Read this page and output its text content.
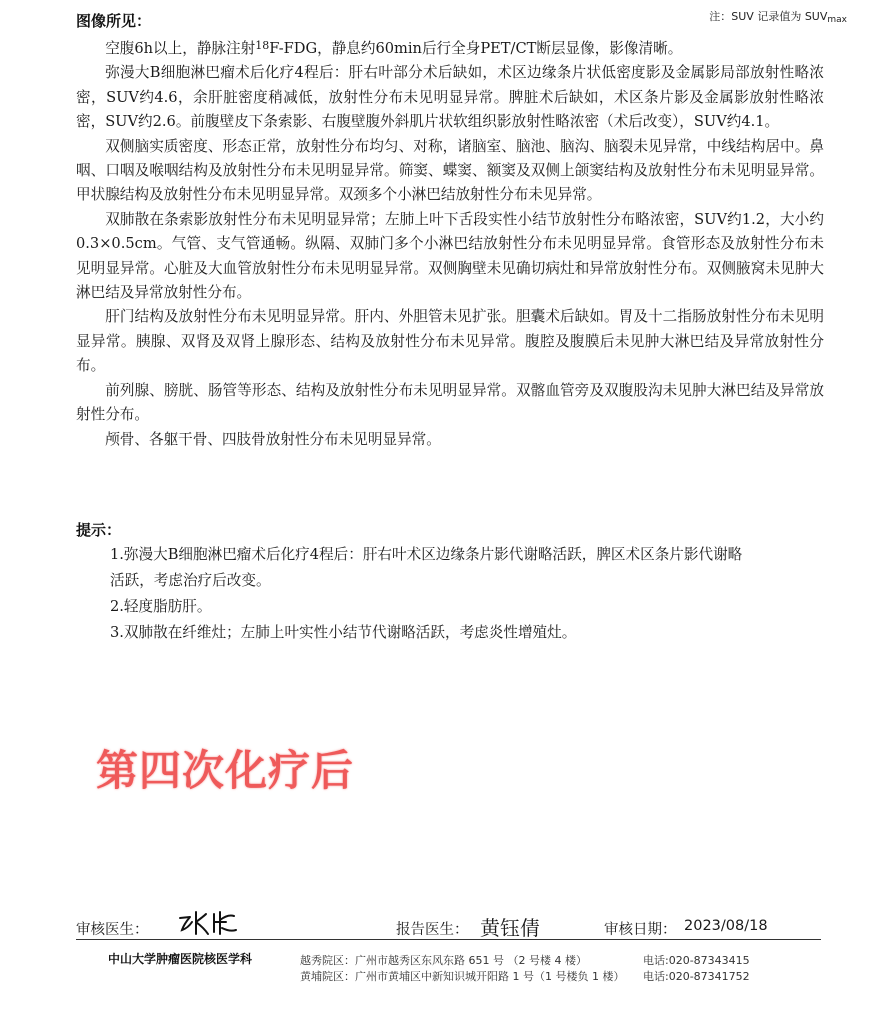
图像所见：	注：SUV 记录值为 $SUV_{max}$

空腹6h以上，静脉注射$^{18}$F-FDG，静息约60min后行全身PET/CT断层显像，影像清晰。

弥漫大B细胞淋巴瘤术后化疗4程后：肝右叶部分术后缺如，术区边缘条片状低密度影及金属影局部放射性略浓密，SUV约4.6，余肝脏密度稍减低，放射性分布未见明显异常。脾脏术后缺如，术区条片影及金属影放射性略浓密，SUV约2.6。前腹壁皮下条索影、右腹壁腹外斜肌片状软组织影放射性略浓密（术后改变），SUV约4.1。

双侧脑实质密度、形态正常，放射性分布均匀、对称，诸脑室、脑池、脑沟、脑裂未见异常，中线结构居中。鼻咽、口咽及喉咽结构及放射性分布未见明显异常。筛窦、蝶窦、额窦及双侧上颌窦结构及放射性分布未见明显异常。甲状腺结构及放射性分布未见明显异常。双颈多个小淋巴结放射性分布未见异常。

双肺散在条索影放射性分布未见明显异常；左肺上叶下舌段实性小结节放射性分布略浓密，SUV约1.2，大小约0.3×0.5cm。气管、支气管通畅。纵隔、双肺门多个小淋巴结放射性分布未见明显异常。食管形态及放射性分布未见明显异常。心脏及大血管放射性分布未见明显异常。双侧胸壁未见确切病灶和异常放射性分布。双侧腋窝未见肿大淋巴结及异常放射性分布。

肝门结构及放射性分布未见明显异常。肝内、外胆管未见扩张。胆囊术后缺如。胃及十二指肠放射性分布未见明显异常。胰腺、双肾及双肾上腺形态、结构及放射性分布未见异常。腹腔及腹膜后未见肿大淋巴结及异常放射性分布。

前列腺、膀胱、肠管等形态、结构及放射性分布未见明显异常。双髂血管旁及双腹股沟未见肿大淋巴结及异常放射性分布。

颅骨、各躯干骨、四肢骨放射性分布未见明显异常。

提示：
1.弥漫大B细胞淋巴瘤术后化疗4程后：肝右叶术区边缘条片影代谢略活跃，脾区术区条片影代谢略
活跃，考虑治疗后改变。
2.轻度脂肪肝。
3.双肺散在纤维灶；左肺上叶实性小结节代谢略活跃，考虑炎性增殖灶。
第四次化疗后
审核医生：	报告医生： 黄钰倩	审核日期： 2023/08/18
中山大学肿瘤医院核医学科	越秀院区：广州市越秀区东风东路 651 号 （2 号楼 4 楼）	电话:020-87343415
黄埔院区：广州市黄埔区中新知识城开阳路 1 号（1 号楼负 1 楼） 电话:020-87341752
